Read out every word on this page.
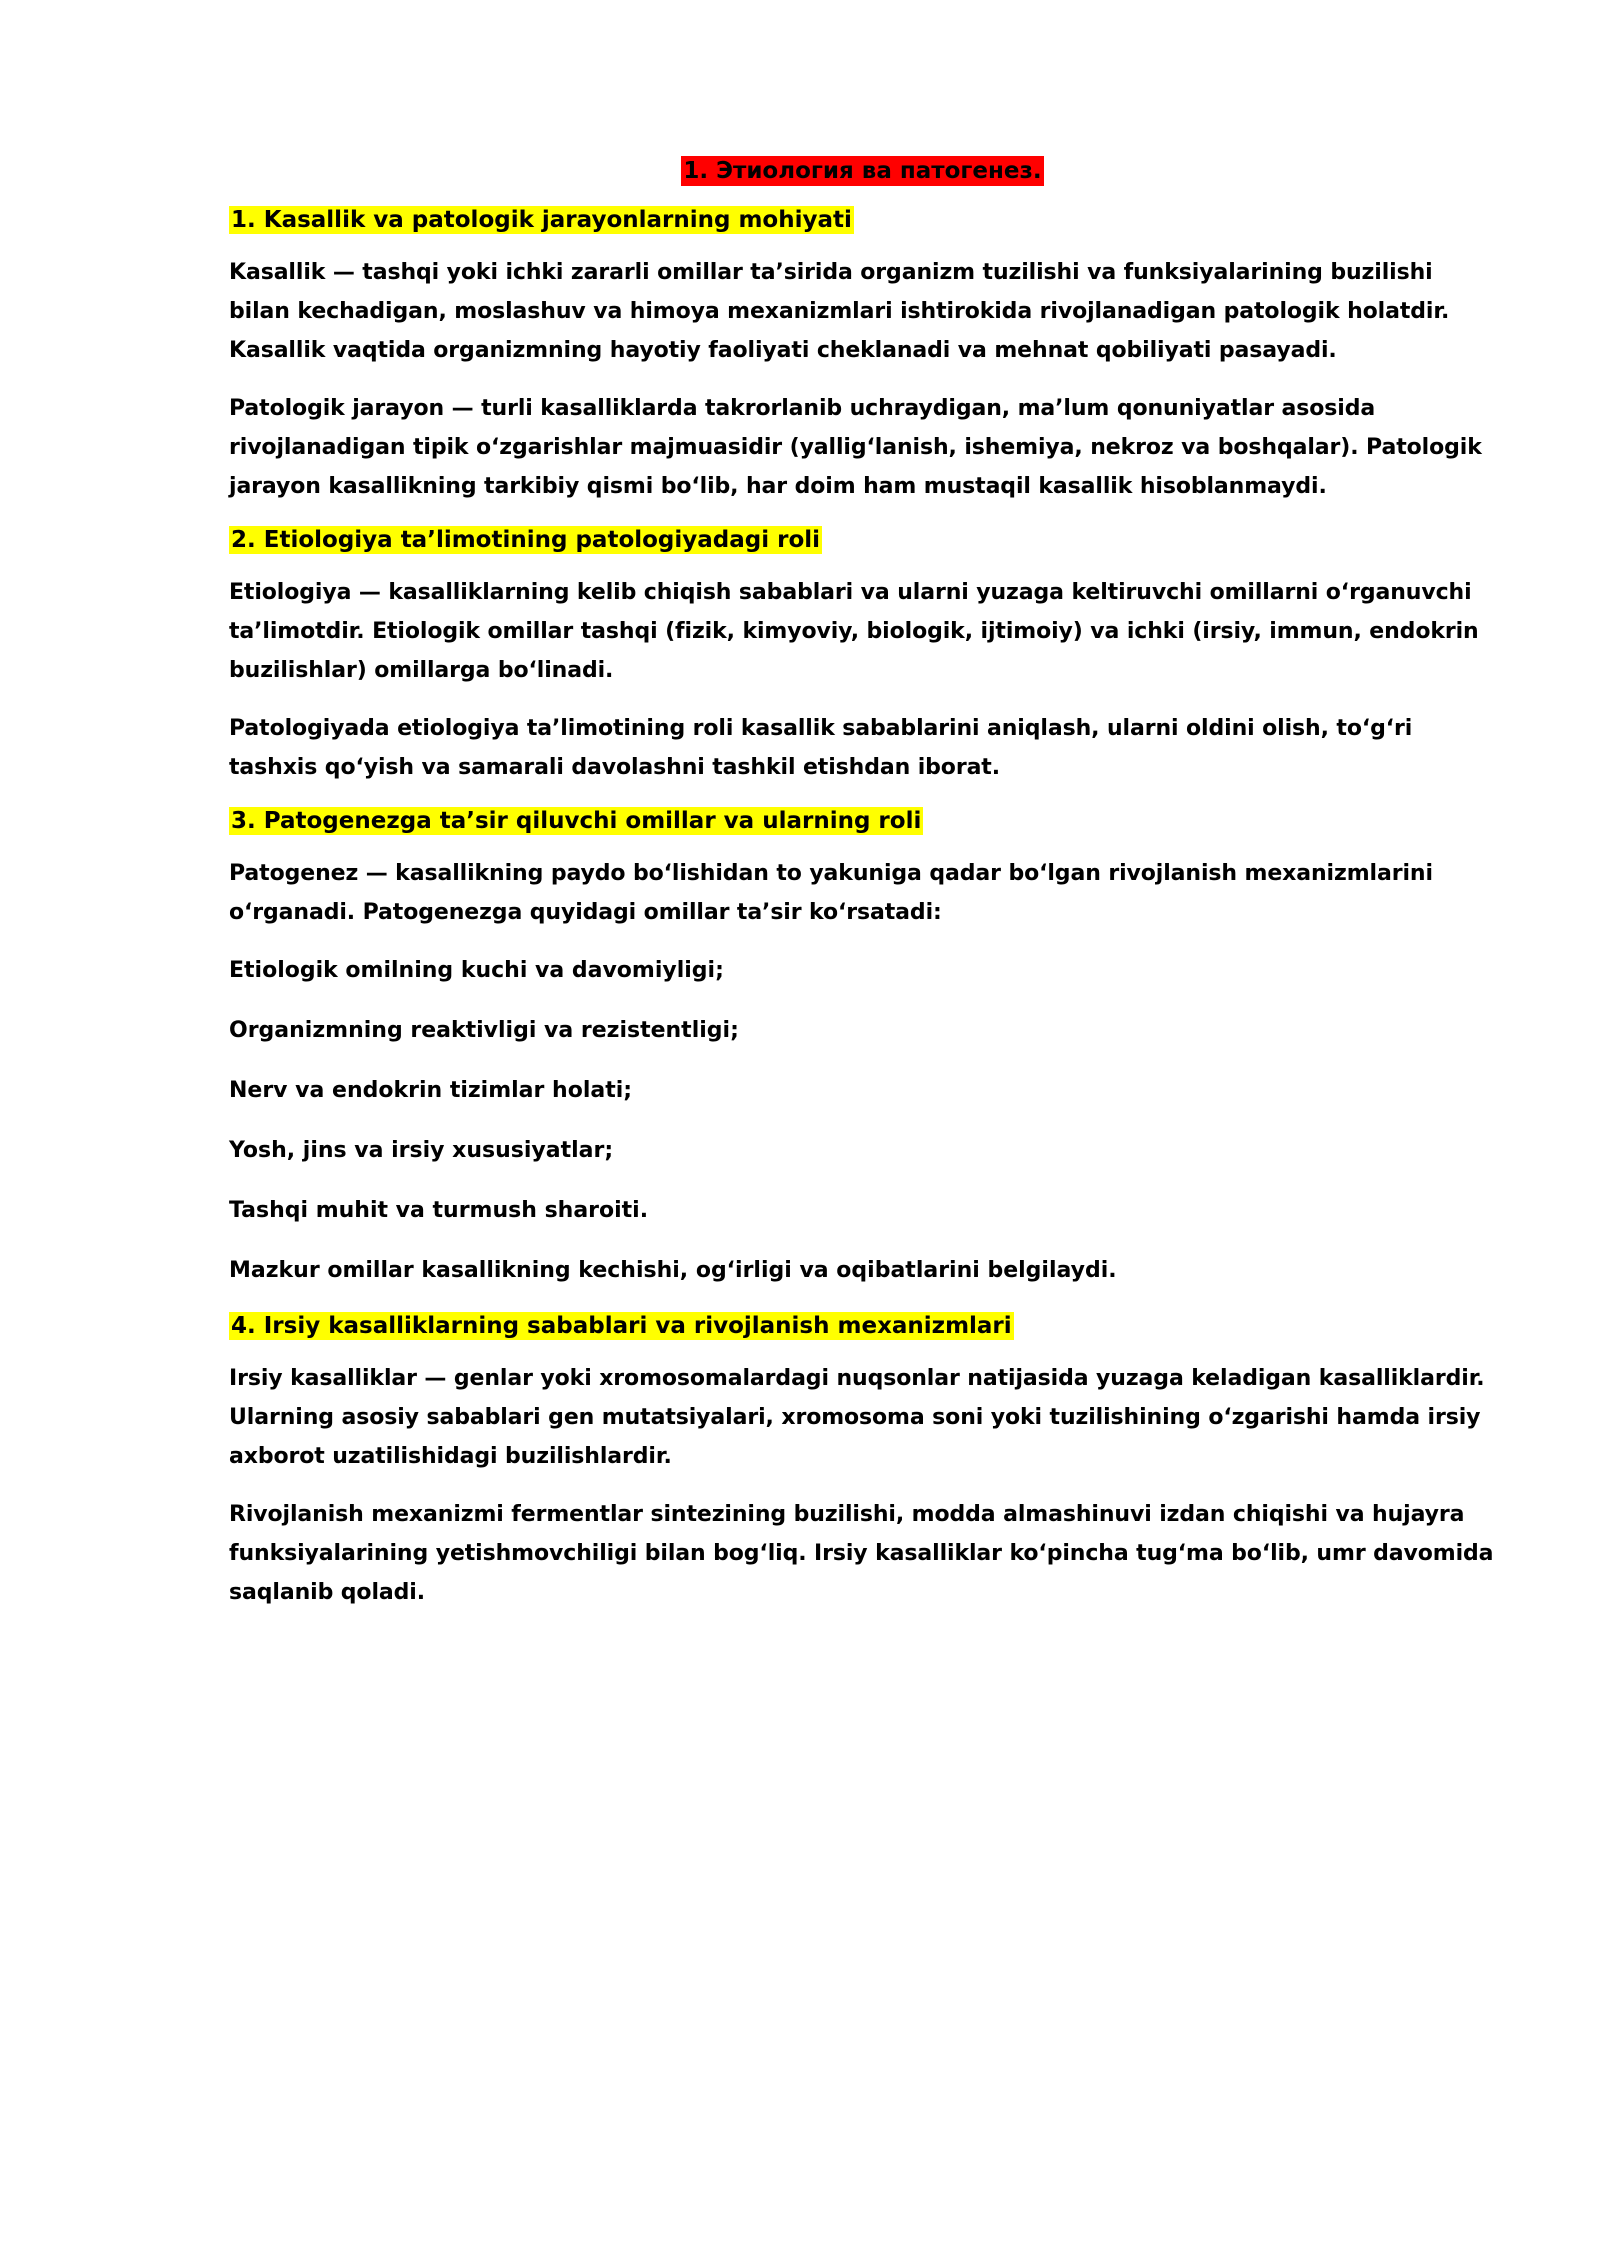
1. Этиология ва патогенез.

1. Kasallik va patologik jarayonlarning mohiyati

Kasallik — tashqi yoki ichki zararli omillar ta’sirida organizm tuzilishi va funksiyalarining buzilishi bilan kechadigan, moslashuv va himoya mexanizmlari ishtirokida rivojlanadigan patologik holatdir. Kasallik vaqtida organizmning hayotiy faoliyati cheklanadi va mehnat qobiliyati pasayadi.

Patologik jarayon — turli kasalliklarda takrorlanib uchraydigan, ma’lum qonuniyatlar asosida rivojlanadigan tipik o‘zgarishlar majmuasidir (yallig‘lanish, ishemiya, nekroz va boshqalar). Patologik jarayon kasallikning tarkibiy qismi bo‘lib, har doim ham mustaqil kasallik hisoblanmaydi.

2. Etiologiya ta’limotining patologiyadagi roli

Etiologiya — kasalliklarning kelib chiqish sabablari va ularni yuzaga keltiruvchi omillarni o‘rganuvchi ta’limotdir. Etiologik omillar tashqi (fizik, kimyoviy, biologik, ijtimoiy) va ichki (irsiy, immun, endokrin buzilishlar) omillarga bo‘linadi.

Patologiyada etiologiya ta’limotining roli kasallik sabablarini aniqlash, ularni oldini olish, to‘g‘ri tashxis qo‘yish va samarali davolashni tashkil etishdan iborat.

3. Patogenezga ta’sir qiluvchi omillar va ularning roli

Patogenez — kasallikning paydo bo‘lishidan to yakuniga qadar bo‘lgan rivojlanish mexanizmlarini o‘rganadi. Patogenezga quyidagi omillar ta’sir ko‘rsatadi:

Etiologik omilning kuchi va davomiyligi;

Organizmning reaktivligi va rezistentligi;

Nerv va endokrin tizimlar holati;

Yosh, jins va irsiy xususiyatlar;

Tashqi muhit va turmush sharoiti.

Mazkur omillar kasallikning kechishi, og‘irligi va oqibatlarini belgilaydi.

4. Irsiy kasalliklarning sabablari va rivojlanish mexanizmlari

Irsiy kasalliklar — genlar yoki xromosomalardagi nuqsonlar natijasida yuzaga keladigan kasalliklardir. Ularning asosiy sabablari gen mutatsiyalari, xromosoma soni yoki tuzilishining o‘zgarishi hamda irsiy axborot uzatilishidagi buzilishlardir.

Rivojlanish mexanizmi fermentlar sintezining buzilishi, modda almashinuvi izdan chiqishi va hujayra funksiyalarining yetishmovchiligi bilan bog‘liq. Irsiy kasalliklar ko‘pincha tug‘ma bo‘lib, umr davomida saqlanib qoladi.
